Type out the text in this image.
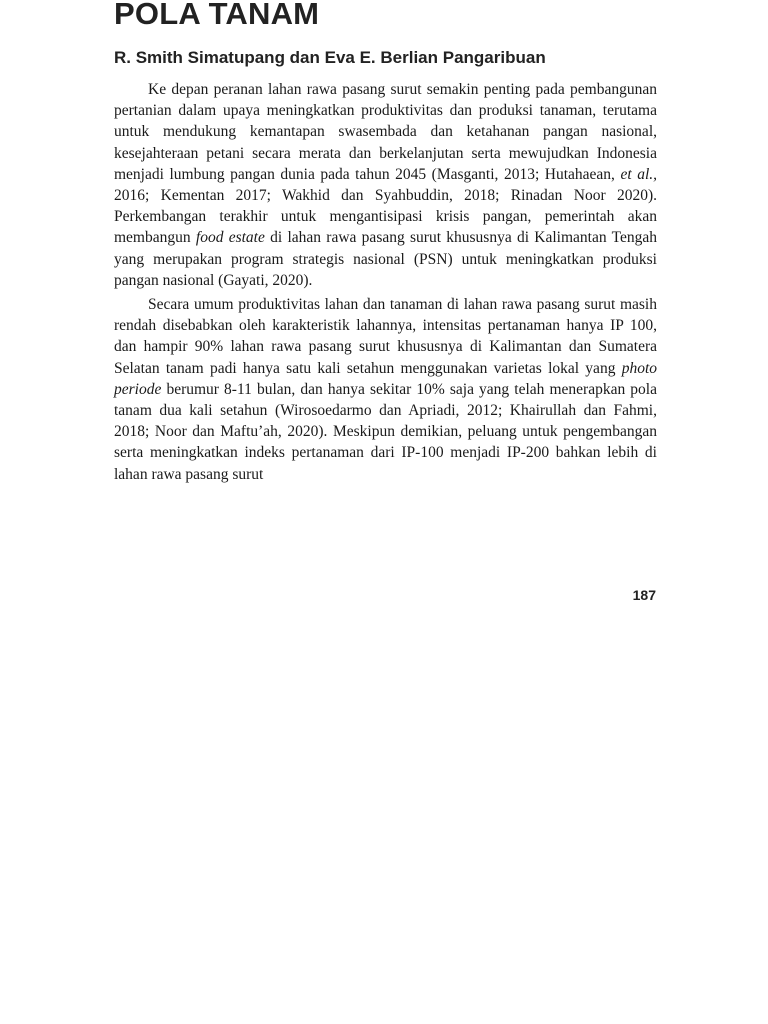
POLA TANAM
R. Smith Simatupang dan Eva E. Berlian Pangaribuan

Ke depan peranan lahan rawa pasang surut semakin penting pada pembangunan pertanian dalam upaya meningkatkan produktivitas dan produksi tanaman, terutama untuk mendukung kemantapan swasembada dan ketahanan pangan nasional, kesejahteraan petani secara merata dan berkelanjutan serta mewujudkan Indonesia menjadi lumbung pangan dunia pada tahun 2045 (Masganti, 2013; Hutahaean, et al., 2016; Kementan 2017; Wakhid dan Syahbuddin, 2018; Rinadan Noor 2020). Perkembangan terakhir untuk mengantisipasi krisis pangan, pemerintah akan membangun food estate di lahan rawa pasang surut khususnya di Kalimantan Tengah yang merupakan program strategis nasional (PSN) untuk meningkatkan produksi pangan nasional (Gayati, 2020).

Secara umum produktivitas lahan dan tanaman di lahan rawa pasang surut masih rendah disebabkan oleh karakteristik lahannya, intensitas pertanaman hanya IP 100, dan hampir 90% lahan rawa pasang surut khususnya di Kalimantan dan Sumatera Selatan tanam padi hanya satu kali setahun menggunakan varietas lokal yang photo periode berumur 8-11 bulan, dan hanya sekitar 10% saja yang telah menerapkan pola tanam dua kali setahun (Wirosoedarmo dan Apriadi, 2012; Khairullah dan Fahmi, 2018; Noor dan Maftu’ah, 2020). Meskipun demikian, peluang untuk pengembangan serta meningkatkan indeks pertanaman dari IP-100 menjadi IP-200 bahkan lebih di lahan rawa pasang surut

187
